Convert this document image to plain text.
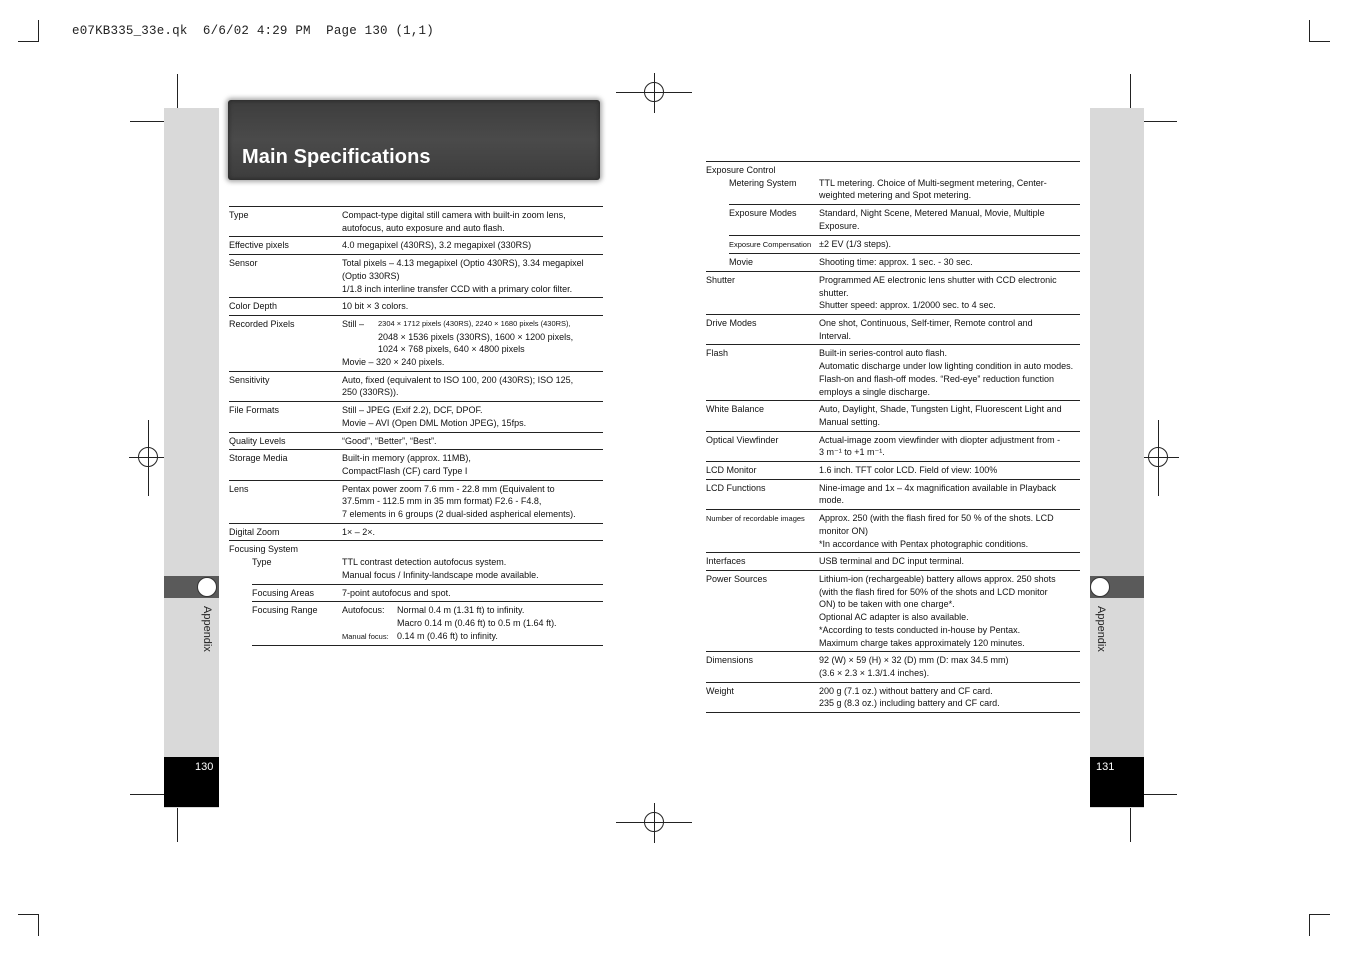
e07KB335_33e.qk  6/6/02 4:29 PM  Page 130 (1,1)
Appendix
130
Appendix
131
Main Specifications
Type	Compact-type digital still camera with built-in zoom lens,
autofocus, auto exposure and auto flash.
Effective pixels	4.0 megapixel (430RS), 3.2 megapixel (330RS)
Sensor	Total pixels – 4.13 megapixel (Optio 430RS), 3.34 megapixel
(Optio 330RS)
1/1.8 inch interline transfer CCD with a primary color filter.
Color Depth	10 bit × 3 colors.
Recorded Pixels	Still –	2304 × 1712 pixels (430RS), 2240 × 1680 pixels (430RS),
2048 × 1536 pixels (330RS), 1600 × 1200 pixels,
1024 × 768 pixels, 640 × 4800 pixels
Movie – 320 × 240 pixels.
Sensitivity	Auto, fixed (equivalent to ISO 100, 200 (430RS); ISO 125,
250 (330RS)).
File Formats	Still – JPEG (Exif 2.2), DCF, DPOF.
Movie – AVI (Open DML Motion JPEG), 15fps.
Quality Levels	“Good”, “Better”, “Best”.
Storage Media	Built-in memory (approx. 11MB),
CompactFlash (CF) card Type I
Lens	Pentax power zoom 7.6 mm - 22.8 mm (Equivalent to
37.5mm - 112.5 mm in 35 mm format) F2.6 - F4.8,
7 elements in 6 groups (2 dual-sided aspherical elements).
Digital Zoom	1× – 2×.
Focusing System
Type	TTL contrast detection autofocus system.
Manual focus / Infinity-landscape mode available.
Focusing Areas	7-point autofocus and spot.
Focusing Range	Autofocus:	Normal 0.4 m (1.31 ft) to infinity.
Macro 0.14 m (0.46 ft) to 0.5 m (1.64 ft).
Manual focus: 0.14 m (0.46 ft) to infinity.
Exposure Control
Metering System	TTL metering. Choice of Multi-segment metering, Center-
weighted metering and Spot metering.
Exposure Modes	Standard, Night Scene, Metered Manual, Movie, Multiple
Exposure.
Exposure Compensation ±2 EV (1/3 steps).
Movie	Shooting time: approx. 1 sec. - 30 sec.
Shutter	Programmed AE electronic lens shutter with CCD electronic
shutter.
Shutter speed: approx. 1/2000 sec. to 4 sec.
Drive Modes	One shot, Continuous, Self-timer, Remote control and
Interval.
Flash	Built-in series-control auto flash.
Automatic discharge under low lighting condition in auto modes.
Flash-on and flash-off modes. “Red-eye” reduction function
employs a single discharge.
White Balance	Auto, Daylight, Shade, Tungsten Light, Fluorescent Light and
Manual setting.
Optical Viewfinder	Actual-image zoom viewfinder with diopter adjustment from -
3 m⁻¹ to +1 m⁻¹.
LCD Monitor	1.6 inch. TFT color LCD. Field of view: 100%
LCD Functions	Nine-image and 1x – 4x magnification available in Playback
mode.
Number of recordable images	Approx. 250 (with the flash fired for 50 % of the shots. LCD
monitor ON)
*In accordance with Pentax photographic conditions.
Interfaces	USB terminal and DC input terminal.
Power Sources	Lithium-ion (rechargeable) battery allows approx. 250 shots
(with the flash fired for 50% of the shots and LCD monitor
ON) to be taken with one charge*.
Optional AC adapter is also available.
*According to tests conducted in-house by Pentax.
Maximum charge takes approximately 120 minutes.
Dimensions	92 (W) × 59 (H) × 32 (D) mm (D: max 34.5 mm)
(3.6 × 2.3 × 1.3/1.4 inches).
Weight	200 g (7.1 oz.) without battery and CF card.
235 g (8.3 oz.) including battery and CF card.
